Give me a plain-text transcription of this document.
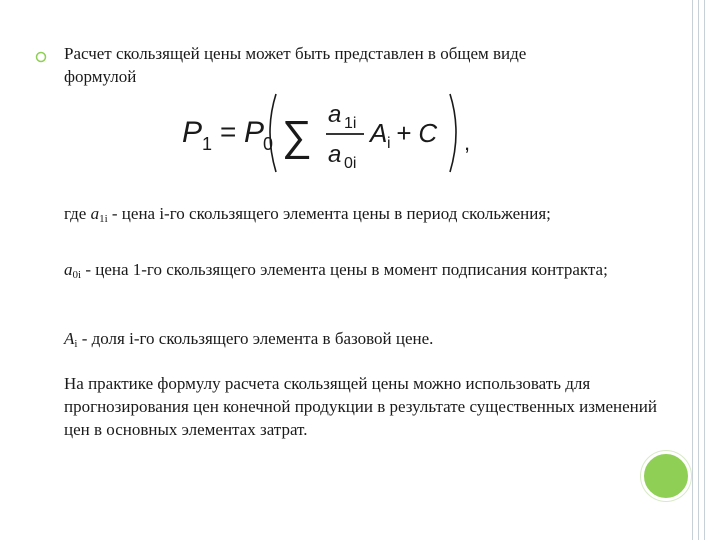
Расчет скользящей цены может быть представлен в общем виде
формулой
P 1 = P
0 ∑ a 1i
a 0i
A i + C ,

где $a_{1i}$ - цена i-го скользящего элемента цены в период скольжения;

$a_{0i}$ - цена 1-го скользящего элемента цены в момент подписания контракта;

$A_i$ - доля i-го скользящего элемента в базовой цене.

На практике формулу расчета скользящей цены можно использовать для прогнозирования цен конечной продукции в результате существенных изменений цен в основных элементах затрат.
